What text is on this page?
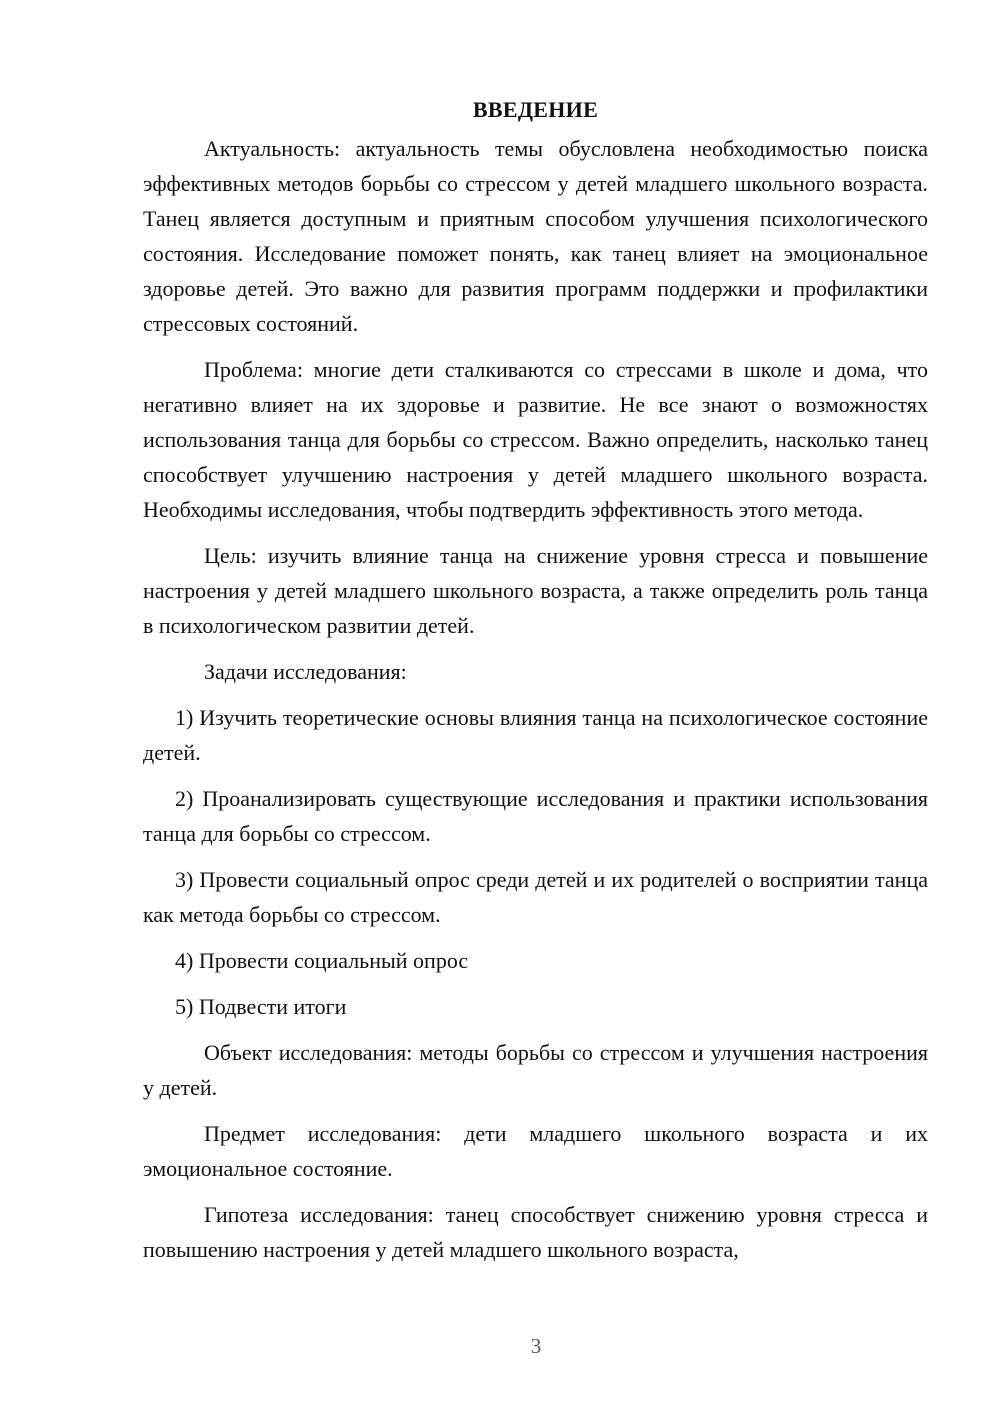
ВВЕДЕНИЕ

Актуальность: актуальность темы обусловлена необходимостью поиска эффективных методов борьбы со стрессом у детей младшего школьного возраста. Танец является доступным и приятным способом улучшения психологического состояния. Исследование поможет понять, как танец влияет на эмоциональное здоровье детей. Это важно для развития программ поддержки и профилактики стрессовых состояний.

Проблема: многие дети сталкиваются со стрессами в школе и дома, что негативно влияет на их здоровье и развитие. Не все знают о возможностях использования танца для борьбы со стрессом. Важно определить, насколько танец способствует улучшению настроения у детей младшего школьного возраста. Необходимы исследования, чтобы подтвердить эффективность этого метода.

Цель: изучить влияние танца на снижение уровня стресса и повышение настроения у детей младшего школьного возраста, а также определить роль танца в психологическом развитии детей.

Задачи исследования:

1) Изучить теоретические основы влияния танца на психологическое состояние детей.

2) Проанализировать существующие исследования и практики использования танца для борьбы со стрессом.

3) Провести социальный опрос среди детей и их родителей о восприятии танца как метода борьбы со стрессом.

4) Провести социальный опрос

5) Подвести итоги

Объект исследования: методы борьбы со стрессом и улучшения настроения у детей.

Предмет исследования: дети младшего школьного возраста и их эмоциональное состояние.

Гипотеза исследования: танец способствует снижению уровня стресса и повышению настроения у детей младшего школьного возраста,

3
